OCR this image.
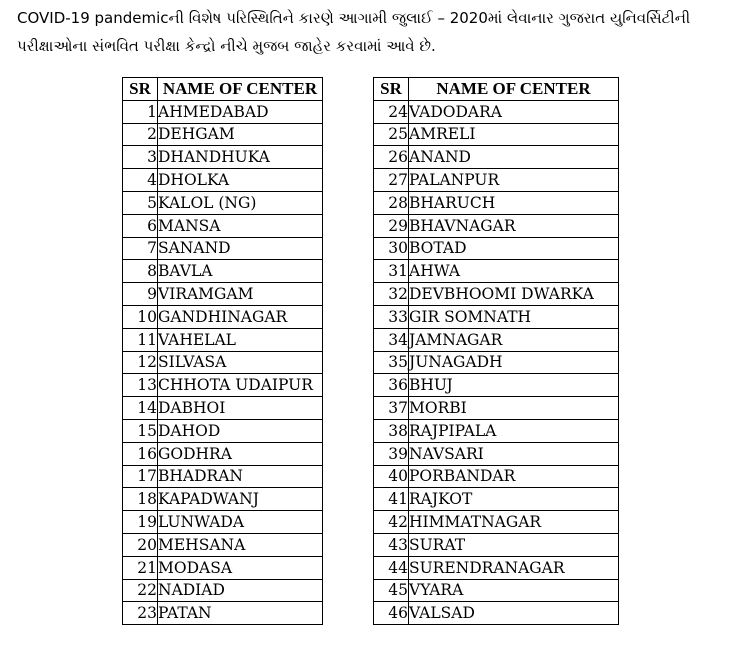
COVID-19 pandemicની વિશેષ પરિસ્થિતિને કારણે આગામી જુલાઈ – 2020માં લેવાનાર ગુજરાત યુનિવર્સિટીની
પરીક્ષાઓના સંભવિત પરીક્ષા કેન્દ્રો નીચે મુજબ જાહેર કરવામાં આવે છે.

SR	NAME OF CENTER
1	AHMEDABAD
2	DEHGAM
3	DHANDHUKA
4	DHOLKA
5	KALOL (NG)
6	MANSA
7	SANAND
8	BAVLA
9	VIRAMGAM
10	GANDHINAGAR
11	VAHELAL
12	SILVASA
13	CHHOTA UDAIPUR
14	DABHOI
15	DAHOD
16	GODHRA
17	BHADRAN
18	KAPADWANJ
19	LUNWADA
20	MEHSANA
21	MODASA
22	NADIAD
23	PATAN
SR	NAME OF CENTER
24	VADODARA
25	AMRELI
26	ANAND
27	PALANPUR
28	BHARUCH
29	BHAVNAGAR
30	BOTAD
31	AHWA
32	DEVBHOOMI DWARKA
33	GIR SOMNATH
34	JAMNAGAR
35	JUNAGADH
36	BHUJ
37	MORBI
38	RAJPIPALA
39	NAVSARI
40	PORBANDAR
41	RAJKOT
42	HIMMATNAGAR
43	SURAT
44	SURENDRANAGAR
45	VYARA
46	VALSAD
